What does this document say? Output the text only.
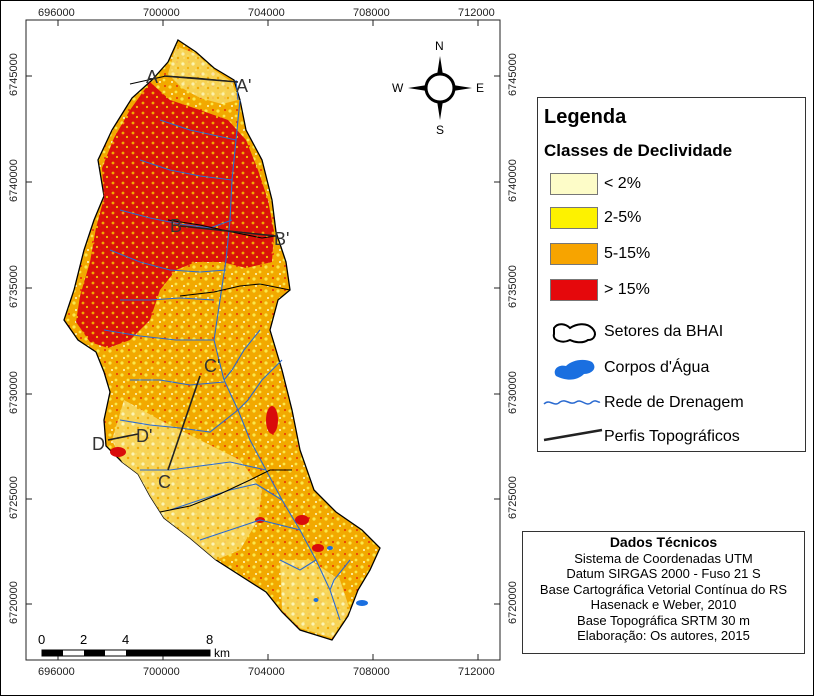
A	A'
B
B'
C
C'
D D'
696000	700000	704000	708000	712000
696000	700000	704000	708000	712000
6745000
6740000
6735000
6730000
6725000
6720000
6745000
6740000
6735000
6730000
6725000
6720000
N
S
E
W
0	2	4	8
km
Legenda
Classes de Declividade
< 2%
2-5%
5-15%
> 15%
Setores da BHAI
Corpos d'Água
Rede de Drenagem
Perfis Topográficos
Dados Técnicos
Sistema de Coordenadas UTM
Datum SIRGAS 2000 - Fuso 21 S
Base Cartográfica Vetorial Contínua do RS
Hasenack e Weber, 2010
Base Topográfica SRTM 30 m
Elaboração: Os autores, 2015
